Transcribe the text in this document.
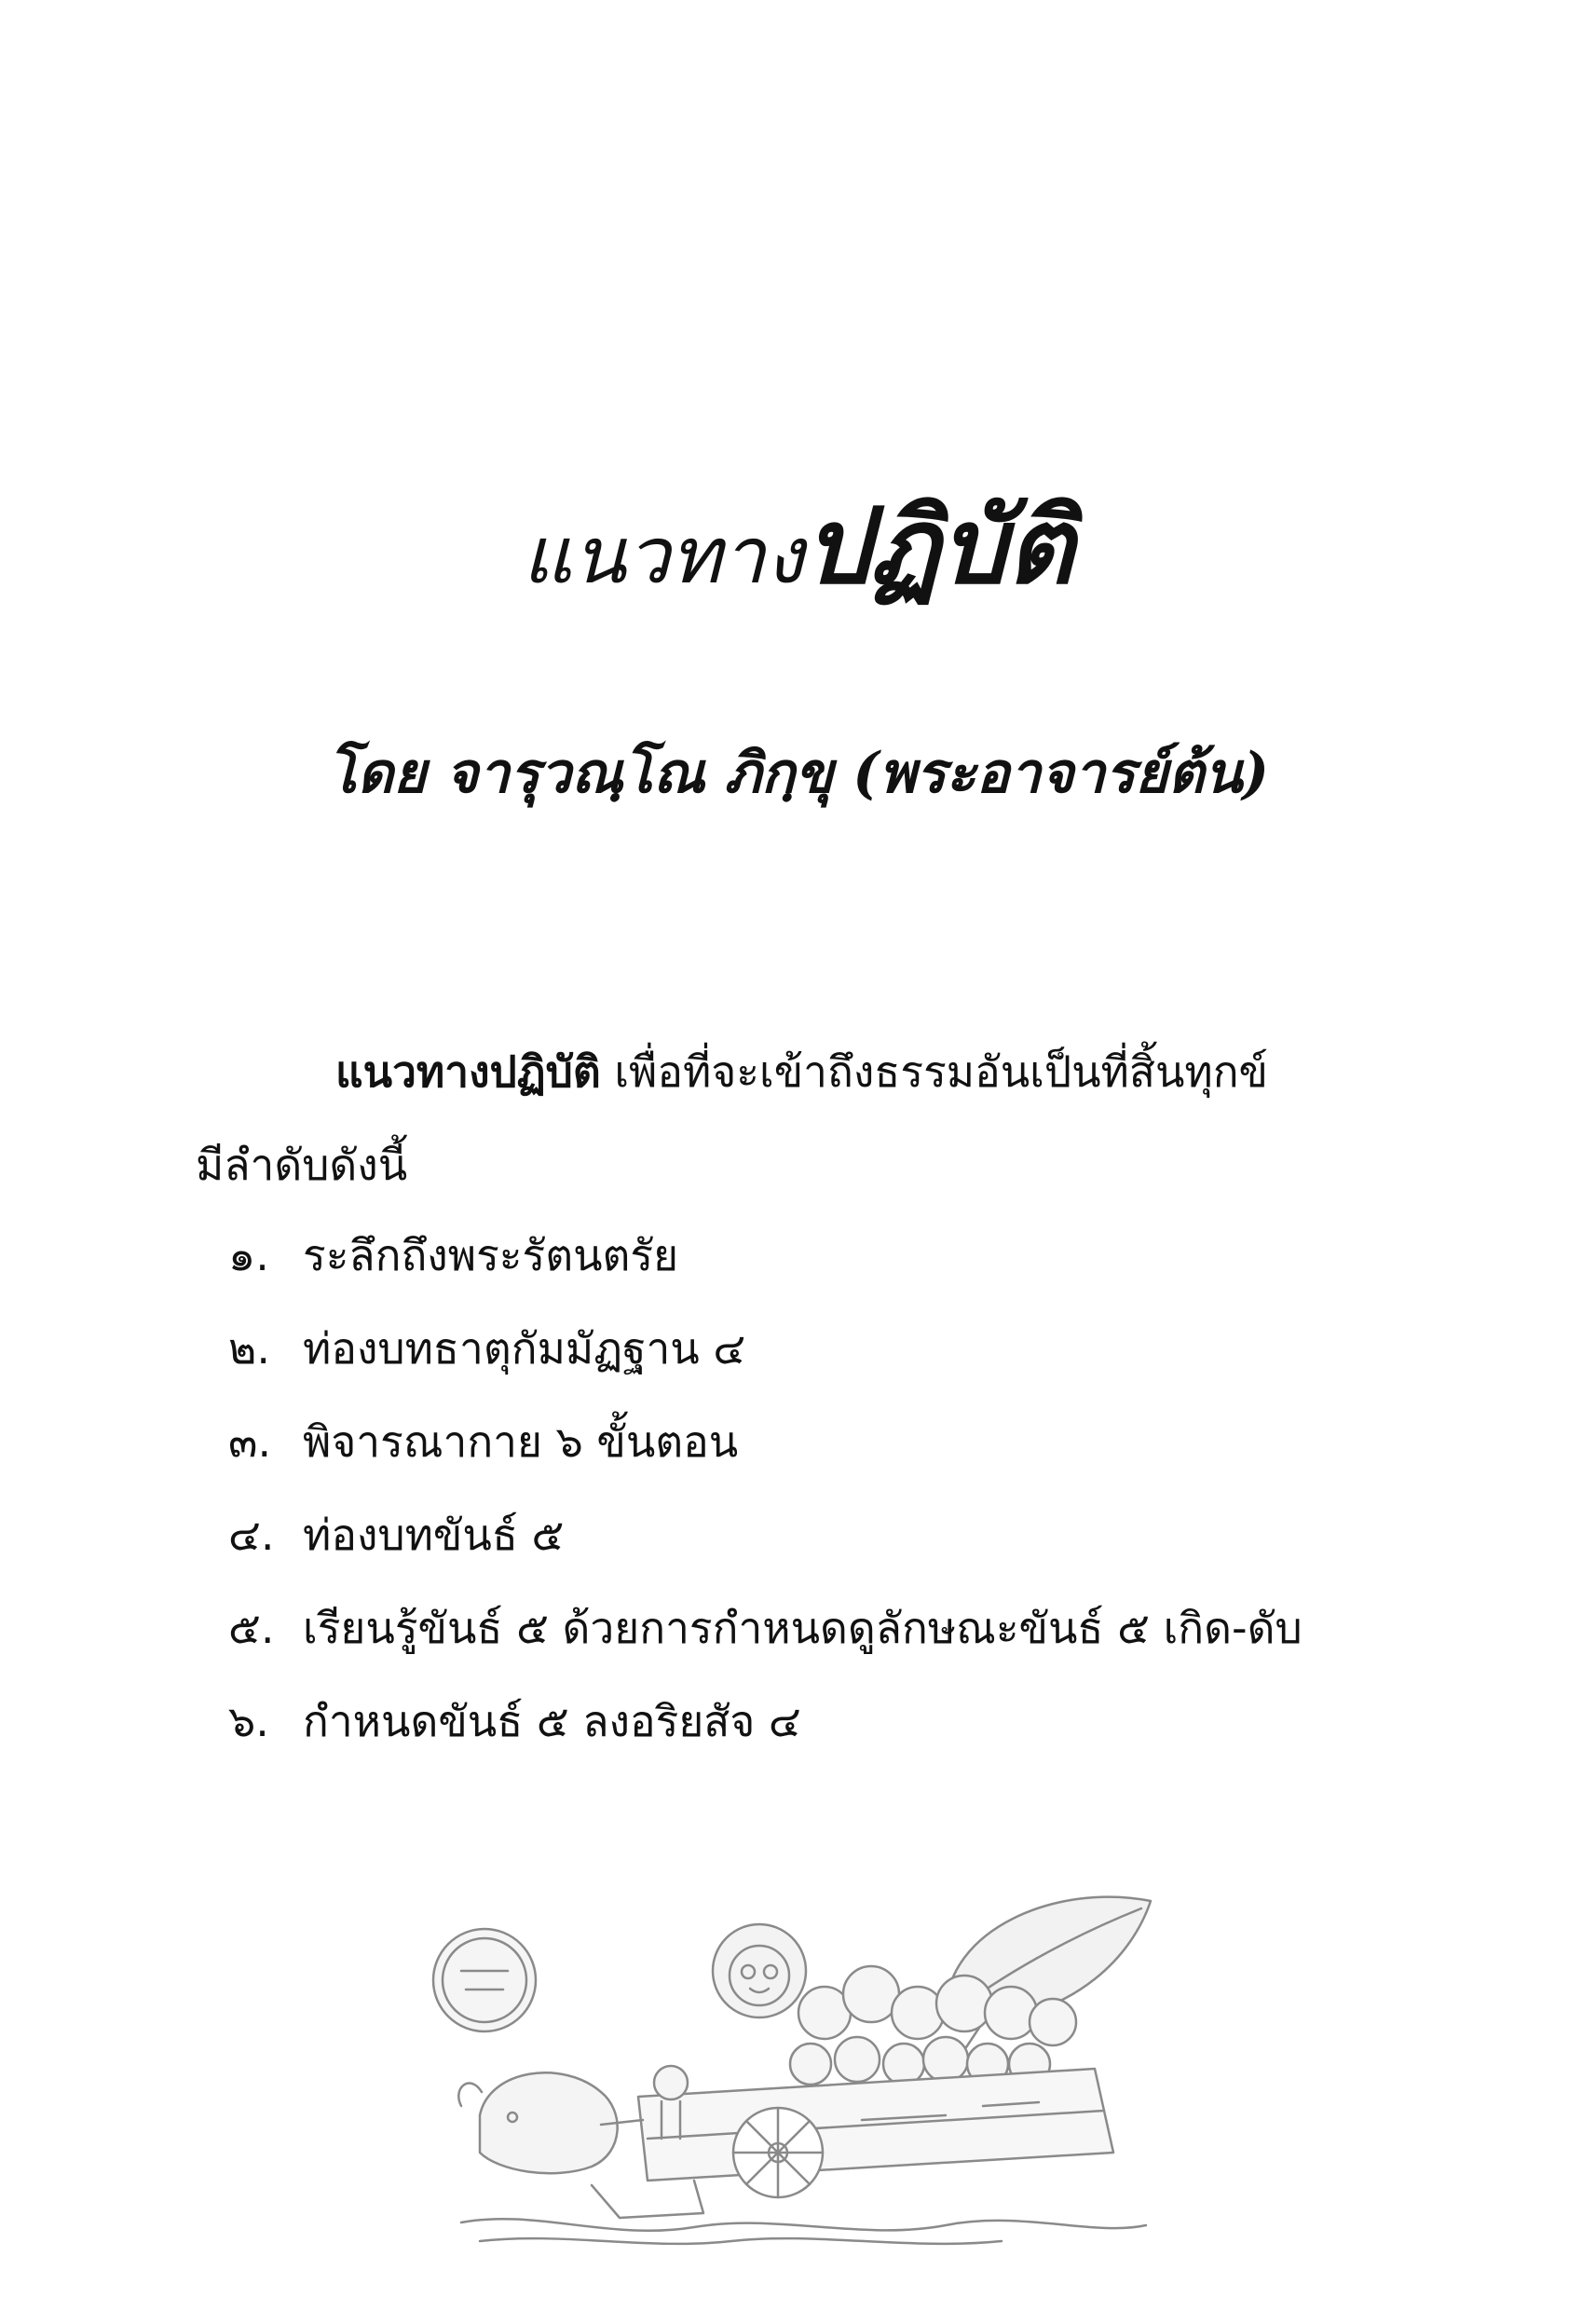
แนวทางปฏิบัติ
โดย จารุวณฺโณ ภิกฺขุ (พระอาจารย์ต้น)
แนวทางปฏิบัติ เพื่อที่จะเข้าถึงธรรมอันเป็นที่สิ้นทุกข์
มีลำดับดังนี้
๑. ระลึกถึงพระรัตนตรัย
๒. ท่องบทธาตุกัมมัฏฐาน ๔
๓. พิจารณากาย ๖ ขั้นตอน
๔. ท่องบทขันธ์ ๕
๕. เรียนรู้ขันธ์ ๕ ด้วยการกำหนดดูลักษณะขันธ์ ๕ เกิด-ดับ
๖. กำหนดขันธ์ ๕ ลงอริยสัจ ๔
